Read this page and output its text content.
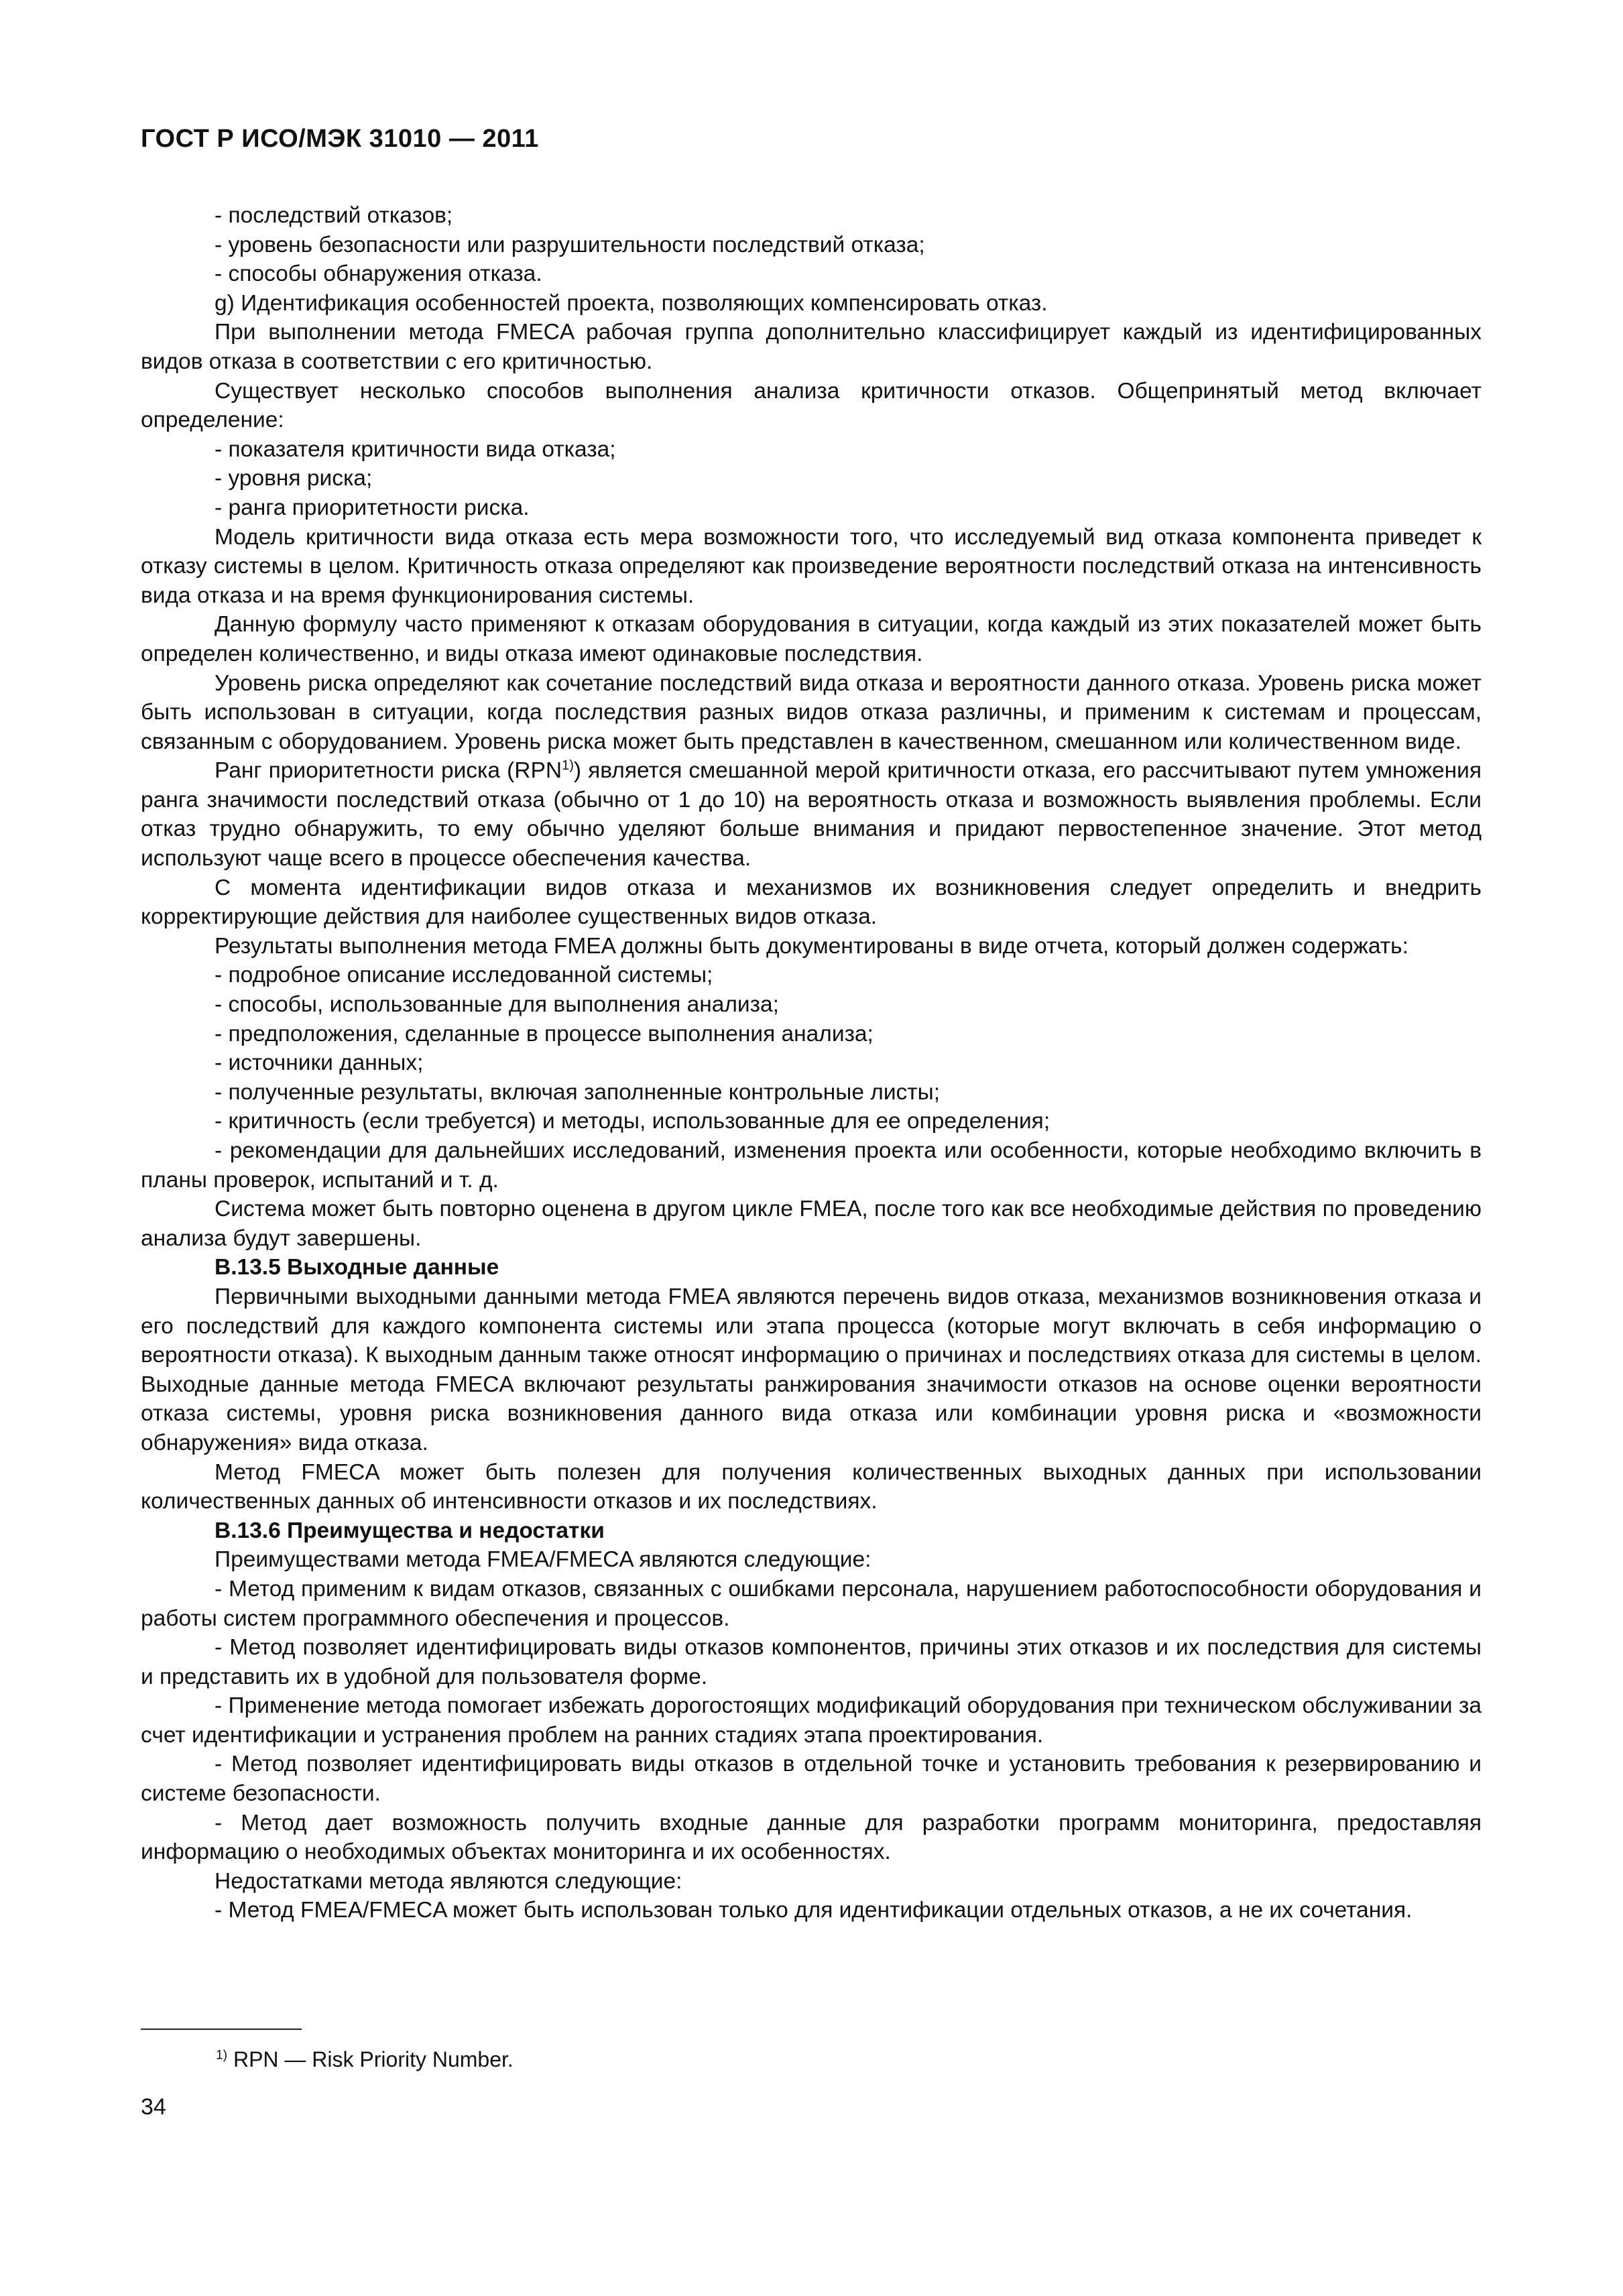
ГОСТ Р ИСО/МЭК 31010 — 2011

- последствий отказов;

- уровень безопасности или разрушительности последствий отказа;

- способы обнаружения отказа.

g) Идентификация особенностей проекта, позволяющих компенсировать отказ.

При выполнении метода FMECA рабочая группа дополнительно классифицирует каждый из идентифицированных видов отказа в соответствии с его критичностью.

Существует несколько способов выполнения анализа критичности отказов. Общепринятый метод включает определение:

- показателя критичности вида отказа;

- уровня риска;

- ранга приоритетности риска.

Модель критичности вида отказа есть мера возможности того, что исследуемый вид отказа компонента приведет к отказу системы в целом. Критичность отказа определяют как произведение вероятности последствий отказа на интенсивность вида отказа и на время функционирования системы.

Данную формулу часто применяют к отказам оборудования в ситуации, когда каждый из этих показателей может быть определен количественно, и виды отказа имеют одинаковые последствия.

Уровень риска определяют как сочетание последствий вида отказа и вероятности данного отказа. Уровень риска может быть использован в ситуации, когда последствия разных видов отказа различны, и применим к системам и процессам, связанным с оборудованием. Уровень риска может быть представлен в качественном, смешанном или количественном виде.

Ранг приоритетности риска (RPN$^{1)}$) является смешанной мерой критичности отказа, его рассчитывают путем умножения ранга значимости последствий отказа (обычно от 1 до 10) на вероятность отказа и возможность выявления проблемы. Если отказ трудно обнаружить, то ему обычно уделяют больше внимания и придают первостепенное значение. Этот метод используют чаще всего в процессе обеспечения качества.

С момента идентификации видов отказа и механизмов их возникновения следует определить и внедрить корректирующие действия для наиболее существенных видов отказа.

Результаты выполнения метода FMEA должны быть документированы в виде отчета, который должен содержать:

- подробное описание исследованной системы;

- способы, использованные для выполнения анализа;

- предположения, сделанные в процессе выполнения анализа;

- источники данных;

- полученные результаты, включая заполненные контрольные листы;

- критичность (если требуется) и методы, использованные для ее определения;

- рекомендации для дальнейших исследований, изменения проекта или особенности, которые необходимо включить в планы проверок, испытаний и т. д.

Система может быть повторно оценена в другом цикле FMEA, после того как все необходимые действия по проведению анализа будут завершены.

B.13.5 Выходные данные

Первичными выходными данными метода FMEA являются перечень видов отказа, механизмов возникновения отказа и его последствий для каждого компонента системы или этапа процесса (которые могут включать в себя информацию о вероятности отказа). К выходным данным также относят информацию о причинах и последствиях отказа для системы в целом. Выходные данные метода FMECA включают результаты ранжирования значимости отказов на основе оценки вероятности отказа системы, уровня риска возникновения данного вида отказа или комбинации уровня риска и «возможности обнаружения» вида отказа.

Метод FMECA может быть полезен для получения количественных выходных данных при использовании количественных данных об интенсивности отказов и их последствиях.

B.13.6 Преимущества и недостатки

Преимуществами метода FMEA/FMECA являются следующие:

- Метод применим к видам отказов, связанных с ошибками персонала, нарушением работоспособности оборудования и работы систем программного обеспечения и процессов.

- Метод позволяет идентифицировать виды отказов компонентов, причины этих отказов и их последствия для системы и представить их в удобной для пользователя форме.

- Применение метода помогает избежать дорогостоящих модификаций оборудования при техническом обслуживании за счет идентификации и устранения проблем на ранних стадиях этапа проектирования.

- Метод позволяет идентифицировать виды отказов в отдельной точке и установить требования к резервированию и системе безопасности.

- Метод дает возможность получить входные данные для разработки программ мониторинга, предоставляя информацию о необходимых объектах мониторинга и их особенностях.

Недостатками метода являются следующие:

- Метод FMEA/FMECA может быть использован только для идентификации отдельных отказов, а не их сочетания.

$^{1)}$ RPN — Risk Priority Number.
34
